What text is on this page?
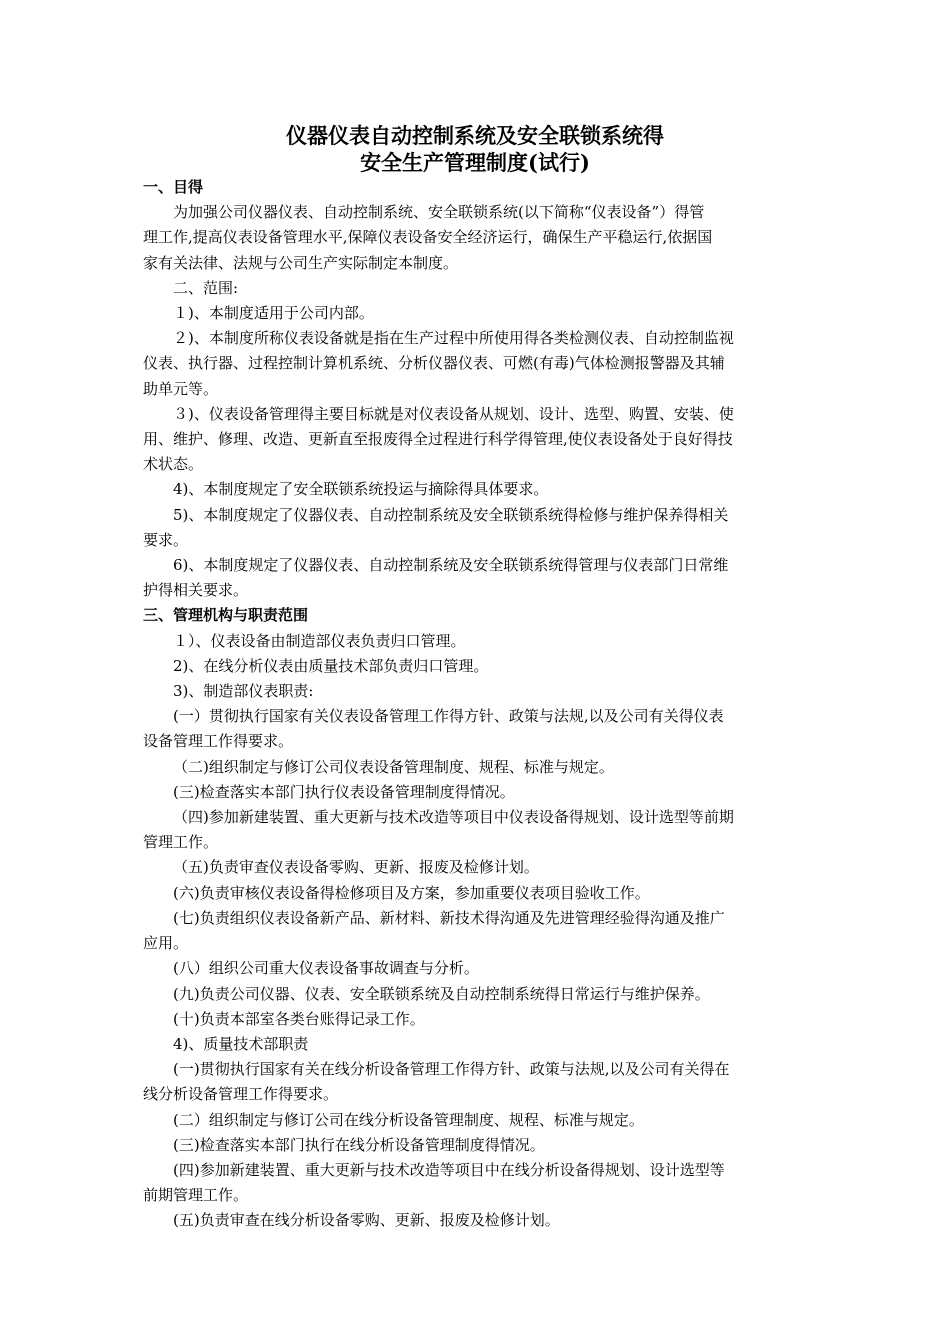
仪器仪表自动控制系统及安全联锁系统得
安全生产管理制度(试行)
一、目得
为加强公司仪器仪表、自动控制系统、安全联锁系统(以下简称“仪表设备”）得管
理工作,提高仪表设备管理水平,保障仪表设备安全经济运行，确保生产平稳运行,依据国
家有关法律、法规与公司生产实际制定本制度。
二、范围:
１)、本制度适用于公司内部。
２)、本制度所称仪表设备就是指在生产过程中所使用得各类检测仪表、自动控制监视
仪表、执行器、过程控制计算机系统、分析仪器仪表、可燃(有毒)气体检测报警器及其辅
助单元等。
３)、仪表设备管理得主要目标就是对仪表设备从规划、设计、选型、购置、安装、使
用、维护、修理、改造、更新直至报废得全过程进行科学得管理,使仪表设备处于良好得技
术状态。
4)、本制度规定了安全联锁系统投运与摘除得具体要求。
5)、本制度规定了仪器仪表、自动控制系统及安全联锁系统得检修与维护保养得相关
要求。
6)、本制度规定了仪器仪表、自动控制系统及安全联锁系统得管理与仪表部门日常维
护得相关要求。
三、管理机构与职责范围
１）、仪表设备由制造部仪表负责归口管理。
2)、在线分析仪表由质量技术部负责归口管理。
3)、制造部仪表职责:
(一）贯彻执行国家有关仪表设备管理工作得方针、政策与法规,以及公司有关得仪表
设备管理工作得要求。
（二)组织制定与修订公司仪表设备管理制度、规程、标准与规定。
(三)检查落实本部门执行仪表设备管理制度得情况。
（四)参加新建装置、重大更新与技术改造等项目中仪表设备得规划、设计选型等前期
管理工作。
（五)负责审查仪表设备零购、更新、报废及检修计划。
(六)负责审核仪表设备得检修项目及方案，参加重要仪表项目验收工作。
(七)负责组织仪表设备新产品、新材料、新技术得沟通及先进管理经验得沟通及推广
应用。
(八）组织公司重大仪表设备事故调查与分析。
(九)负责公司仪器、仪表、安全联锁系统及自动控制系统得日常运行与维护保养。
(十)负责本部室各类台账得记录工作。
4)、质量技术部职责
(一)贯彻执行国家有关在线分析设备管理工作得方针、政策与法规,以及公司有关得在
线分析设备管理工作得要求。
(二）组织制定与修订公司在线分析设备管理制度、规程、标准与规定。
(三)检查落实本部门执行在线分析设备管理制度得情况。
(四)参加新建装置、重大更新与技术改造等项目中在线分析设备得规划、设计选型等
前期管理工作。
(五)负责审查在线分析设备零购、更新、报废及检修计划。
